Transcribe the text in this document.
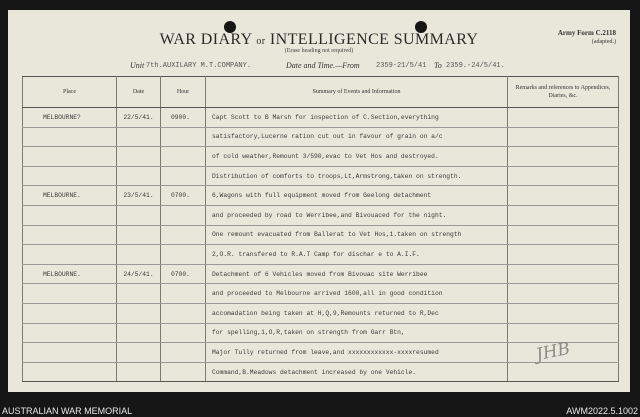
WAR DIARY or INTELLIGENCE SUMMARY
(Erase heading not required)
Army Form C.2118
(adapted.)
Unit 7th.AUXILARY M.T.COMPANY.	Date and Time.—From 2359-21/5/41 To 2359.-24/5/41.
Place	Date	Hour	Summary of Events and Information	Remarks and references to Appendices, Diaries, &c.
MELBOURNE?	22/5/41.	0900.	Capt Scott to B Marsh for inspection of C.Section,everything	
			satisfactory,Lucerne ration cut out in favour of grain on a/c	
			of cold weather,Remount 3/590,evac to Vet Hos and destroyed.	
			Distribution of comforts to troops,Lt,Armstrong,taken on strength.	
MELBOURNE.	23/5/41.	0700.	6,Wagons with full equipment moved from Geelong detachment	
			and proceeded by road to Werribee,and Bivouaced for the night.	
			One remount evacuated from Ballerat to Vet Hos,1.taken on strength	
			2,O.R. transfered to R.A.T Camp for dischar e to A.I.F.	
MELBOURNE.	24/5/41.	0700.	Detachment of 6 Vehicles moved from Bivouac site Werribee	
			and proceeded to Melbourne arrived 1600,all in good condition	
			accomadation being taken at H,Q,9,Remounts returned to R,Dec	
			for spelling,1,O,R,taken on strength from Garr Btn,	
			Major Tully returned from leave,and xxxxxxxxxxxx-xxxxresumed	
			Command,B.Meadows detachment increased by one Vehicle.	
JHB
AUSTRALIAN WAR MEMORIAL	AWM2022.5.1002
